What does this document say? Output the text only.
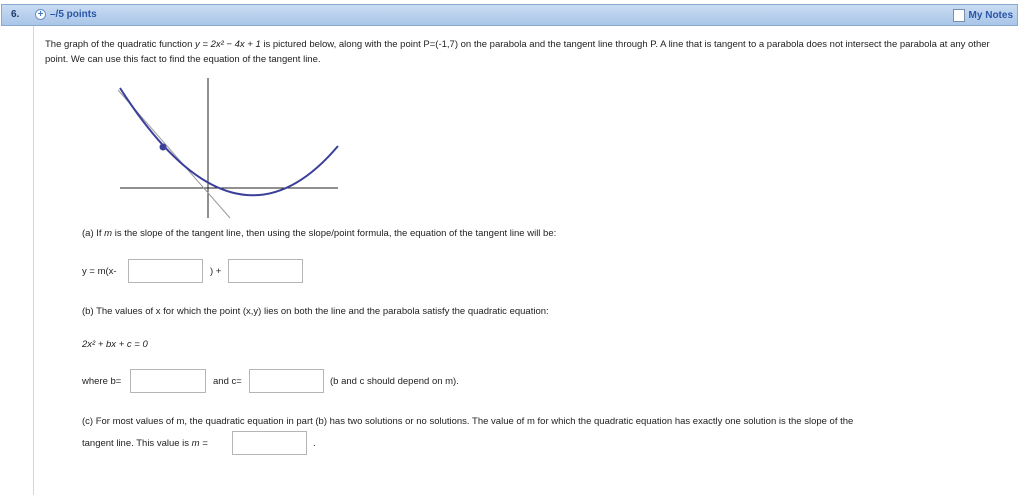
6. + –/5 points	My Notes
The graph of the quadratic function y = 2x² − 4x + 1 is pictured below, along with the point P=(-1,7) on the parabola and the tangent line through P. A line that is tangent to a parabola does not intersect the parabola at any other point. We can use this fact to find the equation of the tangent line.
(a) If m is the slope of the tangent line, then using the slope/point formula, the equation of the tangent line will be:
y = m(x-	) +
(b) The values of x for which the point (x,y) lies on both the line and the parabola satisfy the quadratic equation:
2x² + bx + c = 0
where b=	and c=	(b and c should depend on m).
(c) For most values of m, the quadratic equation in part (b) has two solutions or no solutions. The value of m for which the quadratic equation has exactly one solution is the slope of the
tangent line. This value is m =	.
